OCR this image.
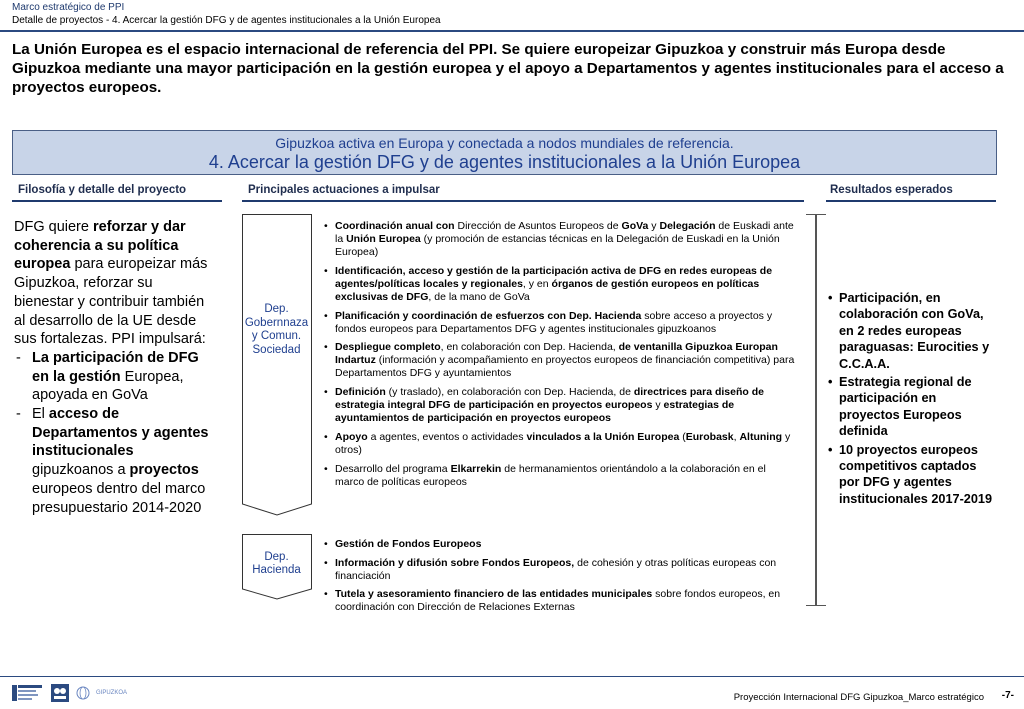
Marco estratégico de PPI
Detalle de proyectos - 4. Acercar la gestión DFG y de agentes institucionales a la Unión Europea
La Unión Europea es el espacio internacional de referencia del PPI. Se quiere europeizar Gipuzkoa y construir más Europa desde Gipuzkoa mediante una mayor participación en la gestión europea y el apoyo a Departamentos y agentes institucionales para el acceso a proyectos europeos.
Gipuzkoa activa en Europa y conectada a nodos mundiales de referencia.
4. Acercar la gestión DFG y de agentes institucionales a la Unión Europea
Filosofía y detalle del proyecto	Principales actuaciones a impulsar	Resultados esperados
DFG quiere reforzar y dar coherencia a su política europea para europeizar más Gipuzkoa, reforzar su bienestar y contribuir también al desarrollo de la UE desde sus fortalezas. PPI impulsará:
- La participación de DFG en la gestión Europea, apoyada en GoVa
- El acceso de Departamentos y agentes institucionales gipuzkoanos a proyectos europeos dentro del marco presupuestario 2014-2020
Dep. Gobernnaza y Comun. Sociedad
Dep. Hacienda
• Coordinación anual con Dirección de Asuntos Europeos de GoVa y Delegación de Euskadi ante la Unión Europea (y promoción de estancias técnicas en la Delegación de Euskadi en la Unión Europea)
• Identificación, acceso y gestión de la participación activa de DFG en redes europeas de agentes/políticas locales y regionales, y en órganos de gestión europeos en políticas exclusivas de DFG, de la mano de GoVa
• Planificación y coordinación de esfuerzos con Dep. Hacienda sobre acceso a proyectos y fondos europeos para Departamentos DFG y agentes institucionales gipuzkoanos
• Despliegue completo, en colaboración con Dep. Hacienda, de ventanilla Gipuzkoa Europan Indartuz (información y acompañamiento en proyectos europeos de financiación competitiva) para Departamentos DFG y ayuntamientos
• Definición (y traslado), en colaboración con Dep. Hacienda, de directrices para diseño de estrategia integral DFG de participación en proyectos europeos y estrategias de ayuntamientos de participación en proyectos europeos
• Apoyo a agentes, eventos o actividades vinculados a la Unión Europea (Eurobask, Altuning y otros)
• Desarrollo del programa Elkarrekin de hermanamientos orientándolo a la colaboración en el marco de políticas europeos
• Gestión de Fondos Europeos
• Información y difusión sobre Fondos Europeos, de cohesión y otras políticas europeas con financiación
• Tutela y asesoramiento financiero de las entidades municipales sobre fondos europeos, en coordinación con Dirección de Relaciones Externas
• Participación, en colaboración con GoVa, en 2 redes europeas paraguasas: Eurocities y C.C.A.A.
• Estrategia regional de participación en proyectos Europeos definida
• 10 proyectos europeos competitivos captados por DFG y agentes institucionales 2017-2019
GIPUZKOA	Proyección Internacional DFG Gipuzkoa_Marco estratégico -7-
